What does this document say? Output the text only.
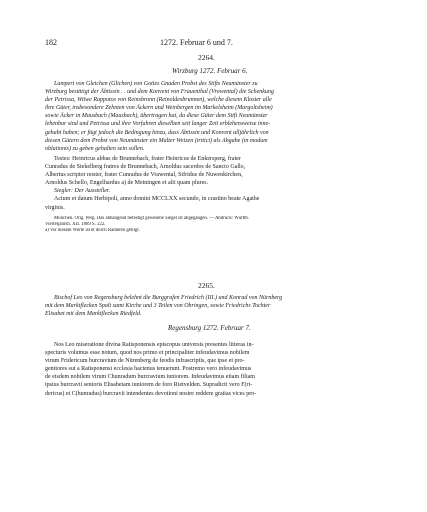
182	1272. Februar 6 und 7.
2264.
Wirzburg 1272. Februar 6.
Lampert von Gleichen (Glichen) von Gottes Gnaden Probst des Stifts Neumünster zu
Wirzburg bestätigt der Äbtissin . . und dem Konvent von Frauenthal (Vrowental) die Schenkung
der Petrissa, Witwe Rappotos von Reinsbronn (Reinoldesbrunnen), welche diesem Kloster alle
ihre Güter, insbesondere Zehnten von Äckern und Weinbergen im Markelsheim (Margoltsheim)
sowie Äcker in Mausbach (Mausbach), übertragen hat, da diese Güter dem Stift Neumünster
lehenbar sind und Petrissa und ihre Vorfahren dieselben seit langer Zeit erblehensweise inne-
gehabt haben; er fügt jedoch die Bedingung hinzu, dass Äbtissin und Konvent alljährlich von
diesen Gütern dem Probst von Neumünster ein Malter Weizen (tritici) als Abgabe (in modum
oblationis) zu geben gehalten sein sollen.
Testes: Heinricus abbas de Brunnebach, frater Heinricus de Enkersperg, frater
Cunradus de Stekelberg fratres de Brunnebach, Arnoldus sacerdos de Sancto Gallo,
Albertus scriptor noster, frater Cunradus de Vrawental, Sifridus de Nuwenkirchen,
Arnoldus Schello, Engelhardus a) de Meiningen et alii quam plures.
Siegler: Der Aussteller.
Actum et datum Herbipoli, anno domini MCCLXX secundo, in crastino beate Agathe
virginis.
München. Orig. Perg. Das abhangend befestigt gewesene Siegel ist abgegangen. — Abdruck: Württb.
Vierteljahrsh. XII. 1889 S. 222.
a) Vor diesem Worte ist et durch Radieren getilgt.
2265.
Bischof Leo von Regensburg belehnt die Burggrafen Friedrich (III.) und Konrad von Nürnberg
mit dem Marktflecken Spalt samt Kirche und 3 Teilen von Öhringen, sowie Friedrichs Tochter
Elisabet mit dem Marktflecken Riedfeld.
Regensburg 1272. Februar 7.
Nos Leo miseratione divina Ratisponensis episcopus universis presentes litteras in-
specturis volumus esse notum, quod nos primo et principaliter infeudavimus nobilem
virum Fridericum burcravium de Nürenberg de feodis infrascriptis, que ipse et pro-
genitores sui a Ratisponensi ecclesia hactenus tenuerunt. Postremo vero infeudavimus
de eisdem nobilem virum Chunradum burcravium iuniorem. Infeudavimus etiam filiam
ipsius burcravii senioris Elisabetam iuniorem de foro Rietvelden. Supradicti vero F(ri-
dericus) et C(hunradus) burcravii intendentes devotioni nostre reddere gratias vices pro-
